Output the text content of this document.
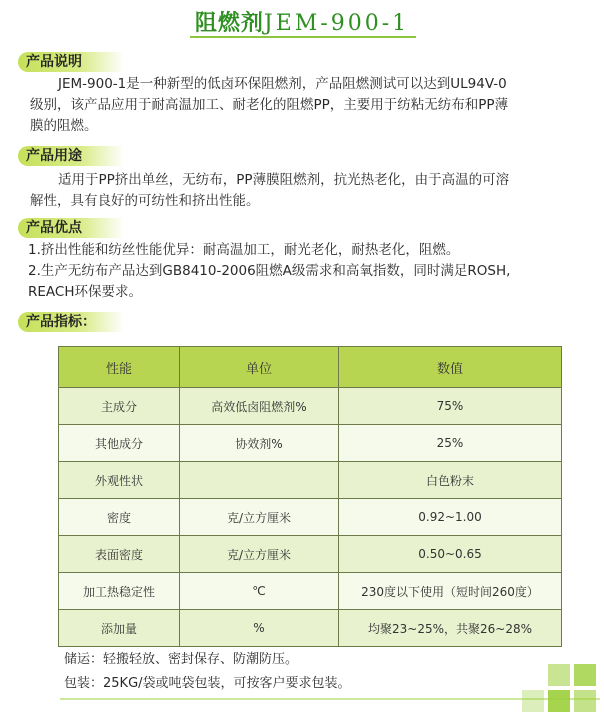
阻燃剂JEM-900-1
产品说明
JEM-900-1是一种新型的低卤环保阻燃剂，产品阻燃测试可以达到UL94V-0
级别，该产品应用于耐高温加工、耐老化的阻燃PP，主要用于纺粘无纺布和PP薄
膜的阻燃。
产品用途
适用于PP挤出单丝，无纺布，PP薄膜阻燃剂，抗光热老化，由于高温的可溶
解性，具有良好的可纺性和挤出性能。
产品优点
1.挤出性能和纺丝性能优异：耐高温加工，耐光老化，耐热老化，阻燃。
2.生产无纺布产品达到GB8410-2006阻燃A级需求和高氧指数，同时满足ROSH,
REACH环保要求。
产品指标：
性能	单位	数值
主成分	高效低卤阻燃剂%	75%
其他成分	协效剂%	25%
外观性状		白色粉末
密度	克/立方厘米	0.92~1.00
表面密度	克/立方厘米	0.50~0.65
加工热稳定性	℃	230度以下使用（短时间260度）
添加量	%	均聚23~25%，共聚26~28%
储运：轻搬轻放、密封保存、防潮防压。
包装：25KG/袋或吨袋包装，可按客户要求包装。
